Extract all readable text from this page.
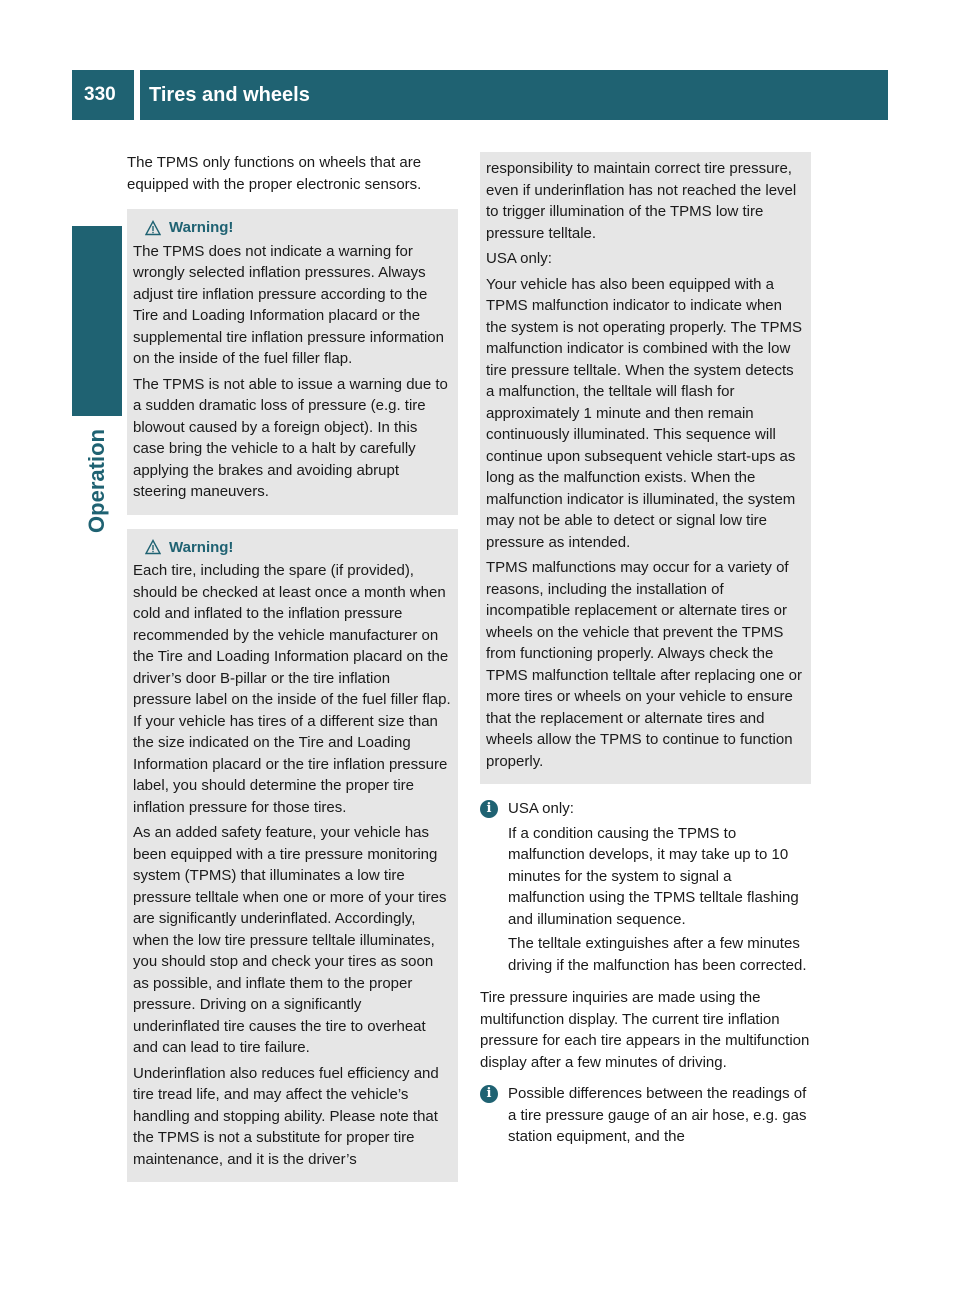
330	Tires and wheels
Operation

The TPMS only functions on wheels that are equipped with the proper electronic sensors.

Warning!

The TPMS does not indicate a warning for wrongly selected inflation pressures. Always adjust tire inflation pressure according to the Tire and Loading Information placard or the supplemental tire inflation pressure information on the inside of the fuel filler flap.

The TPMS is not able to issue a warning due to a sudden dramatic loss of pressure (e.g. tire blowout caused by a foreign object). In this case bring the vehicle to a halt by carefully applying the brakes and avoiding abrupt steering maneuvers.

Warning!

Each tire, including the spare (if provided), should be checked at least once a month when cold and inflated to the inflation pressure recommended by the vehicle manufacturer on the Tire and Loading Information placard on the driver’s door B-pillar or the tire inflation pressure label on the inside of the fuel filler flap. If your vehicle has tires of a different size than the size indicated on the Tire and Loading Information placard or the tire inflation pressure label, you should determine the proper tire inflation pressure for those tires.

As an added safety feature, your vehicle has been equipped with a tire pressure monitoring system (TPMS) that illuminates a low tire pressure telltale when one or more of your tires are significantly underinflated. Accordingly, when the low tire pressure telltale illuminates, you should stop and check your tires as soon as possible, and inflate them to the proper pressure. Driving on a significantly underinflated tire causes the tire to overheat and can lead to tire failure.

Underinflation also reduces fuel efficiency and tire tread life, and may affect the vehicle’s handling and stopping ability. Please note that the TPMS is not a substitute for proper tire maintenance, and it is the driver’s

responsibility to maintain correct tire pressure, even if underinflation has not reached the level to trigger illumination of the TPMS low tire pressure telltale.

USA only:

Your vehicle has also been equipped with a TPMS malfunction indicator to indicate when the system is not operating properly. The TPMS malfunction indicator is combined with the low tire pressure telltale. When the system detects a malfunction, the telltale will flash for approximately 1 minute and then remain continuously illuminated. This sequence will continue upon subsequent vehicle start-ups as long as the malfunction exists. When the malfunction indicator is illuminated, the system may not be able to detect or signal low tire pressure as intended.

TPMS malfunctions may occur for a variety of reasons, including the installation of incompatible replacement or alternate tires or wheels on the vehicle that prevent the TPMS from functioning properly. Always check the TPMS malfunction telltale after replacing one or more tires or wheels on your vehicle to ensure that the replacement or alternate tires and wheels allow the TPMS to continue to function properly.

i	USA only:

If a condition causing the TPMS to malfunction develops, it may take up to 10 minutes for the system to signal a malfunction using the TPMS telltale flashing and illumination sequence.

The telltale extinguishes after a few minutes driving if the malfunction has been corrected.

Tire pressure inquiries are made using the multifunction display. The current tire inflation pressure for each tire appears in the multifunction display after a few minutes of driving.

i	Possible differences between the readings of a tire pressure gauge of an air hose, e.g. gas station equipment, and the
